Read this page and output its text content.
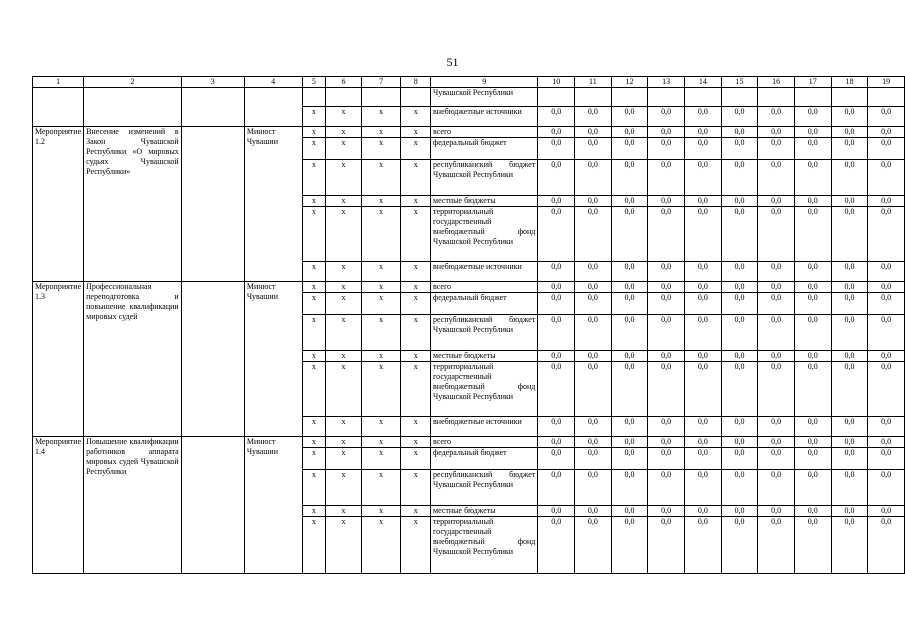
51
1	2	3	4	5	6	7	8	9	10	11	12	13	14	15	16	17	18	19
								Чувашской Республики										
				х	х	х	х	внебюджетные источники	0,0	0,0	0,0	0,0	0,0	0,0	0,0	0,0	0,0	0,0
Мероприятие 1.2	Внесение изменений в Закон Чувашской Республики «О мировых судьях Чувашской Республики»		Минюст Чувашии	х	х	х	х	всего	0,0	0,0	0,0	0,0	0,0	0,0	0,0	0,0	0,0	0,0
				х	х	х	х	федеральный бюджет	0,0	0,0	0,0	0,0	0,0	0,0	0,0	0,0	0,0	0,0
				х	х	х	х	республиканский бюджет Чувашской Республики	0,0	0,0	0,0	0,0	0,0	0,0	0,0	0,0	0,0	0,0
				х	х	х	х	местные бюджеты	0,0	0,0	0,0	0,0	0,0	0,0	0,0	0,0	0,0	0,0
				х	х	х	х	территориальный государственный внебюджетный фонд Чувашской Республики	0,0	0,0	0,0	0,0	0,0	0,0	0,0	0,0	0,0	0,0
				х	х	х	х	внебюджетные источники	0,0	0,0	0,0	0,0	0,0	0,0	0,0	0,0	0,0	0,0
Мероприятие 1.3	Профессиональная переподготовка и повышение квалификации мировых судей		Минюст Чувашии	х	х	х	х	всего	0,0	0,0	0,0	0,0	0,0	0,0	0,0	0,0	0,0	0,0
				х	х	х	х	федеральный бюджет	0,0	0,0	0,0	0,0	0,0	0,0	0,0	0,0	0,0	0,0
				х	х	х	х	республиканский бюджет Чувашской Республики	0,0	0,0	0,0	0,0	0,0	0,0	0,0	0,0	0,0	0,0
				х	х	х	х	местные бюджеты	0,0	0,0	0,0	0,0	0,0	0,0	0,0	0,0	0,0	0,0
				х	х	х	х	территориальный государственный внебюджетный фонд Чувашской Республики	0,0	0,0	0,0	0,0	0,0	0,0	0,0	0,0	0,0	0,0
				х	х	х	х	внебюджетные источники	0,0	0,0	0,0	0,0	0,0	0,0	0,0	0,0	0,0	0,0
Мероприятие 1.4	Повышение квалификации работников аппарата мировых судей Чувашской Республики		Минюст Чувашии	х	х	х	х	всего	0,0	0,0	0,0	0,0	0,0	0,0	0,0	0,0	0,0	0,0
				х	х	х	х	федеральный бюджет	0,0	0,0	0,0	0,0	0,0	0,0	0,0	0,0	0,0	0,0
				х	х	х	х	республиканский бюджет Чувашской Республики	0,0	0,0	0,0	0,0	0,0	0,0	0,0	0,0	0,0	0,0
				х	х	х	х	местные бюджеты	0,0	0,0	0,0	0,0	0,0	0,0	0,0	0,0	0,0	0,0
				х	х	х	х	территориальный государственный внебюджетный фонд Чувашской Республики	0,0	0,0	0,0	0,0	0,0	0,0	0,0	0,0	0,0	0,0
